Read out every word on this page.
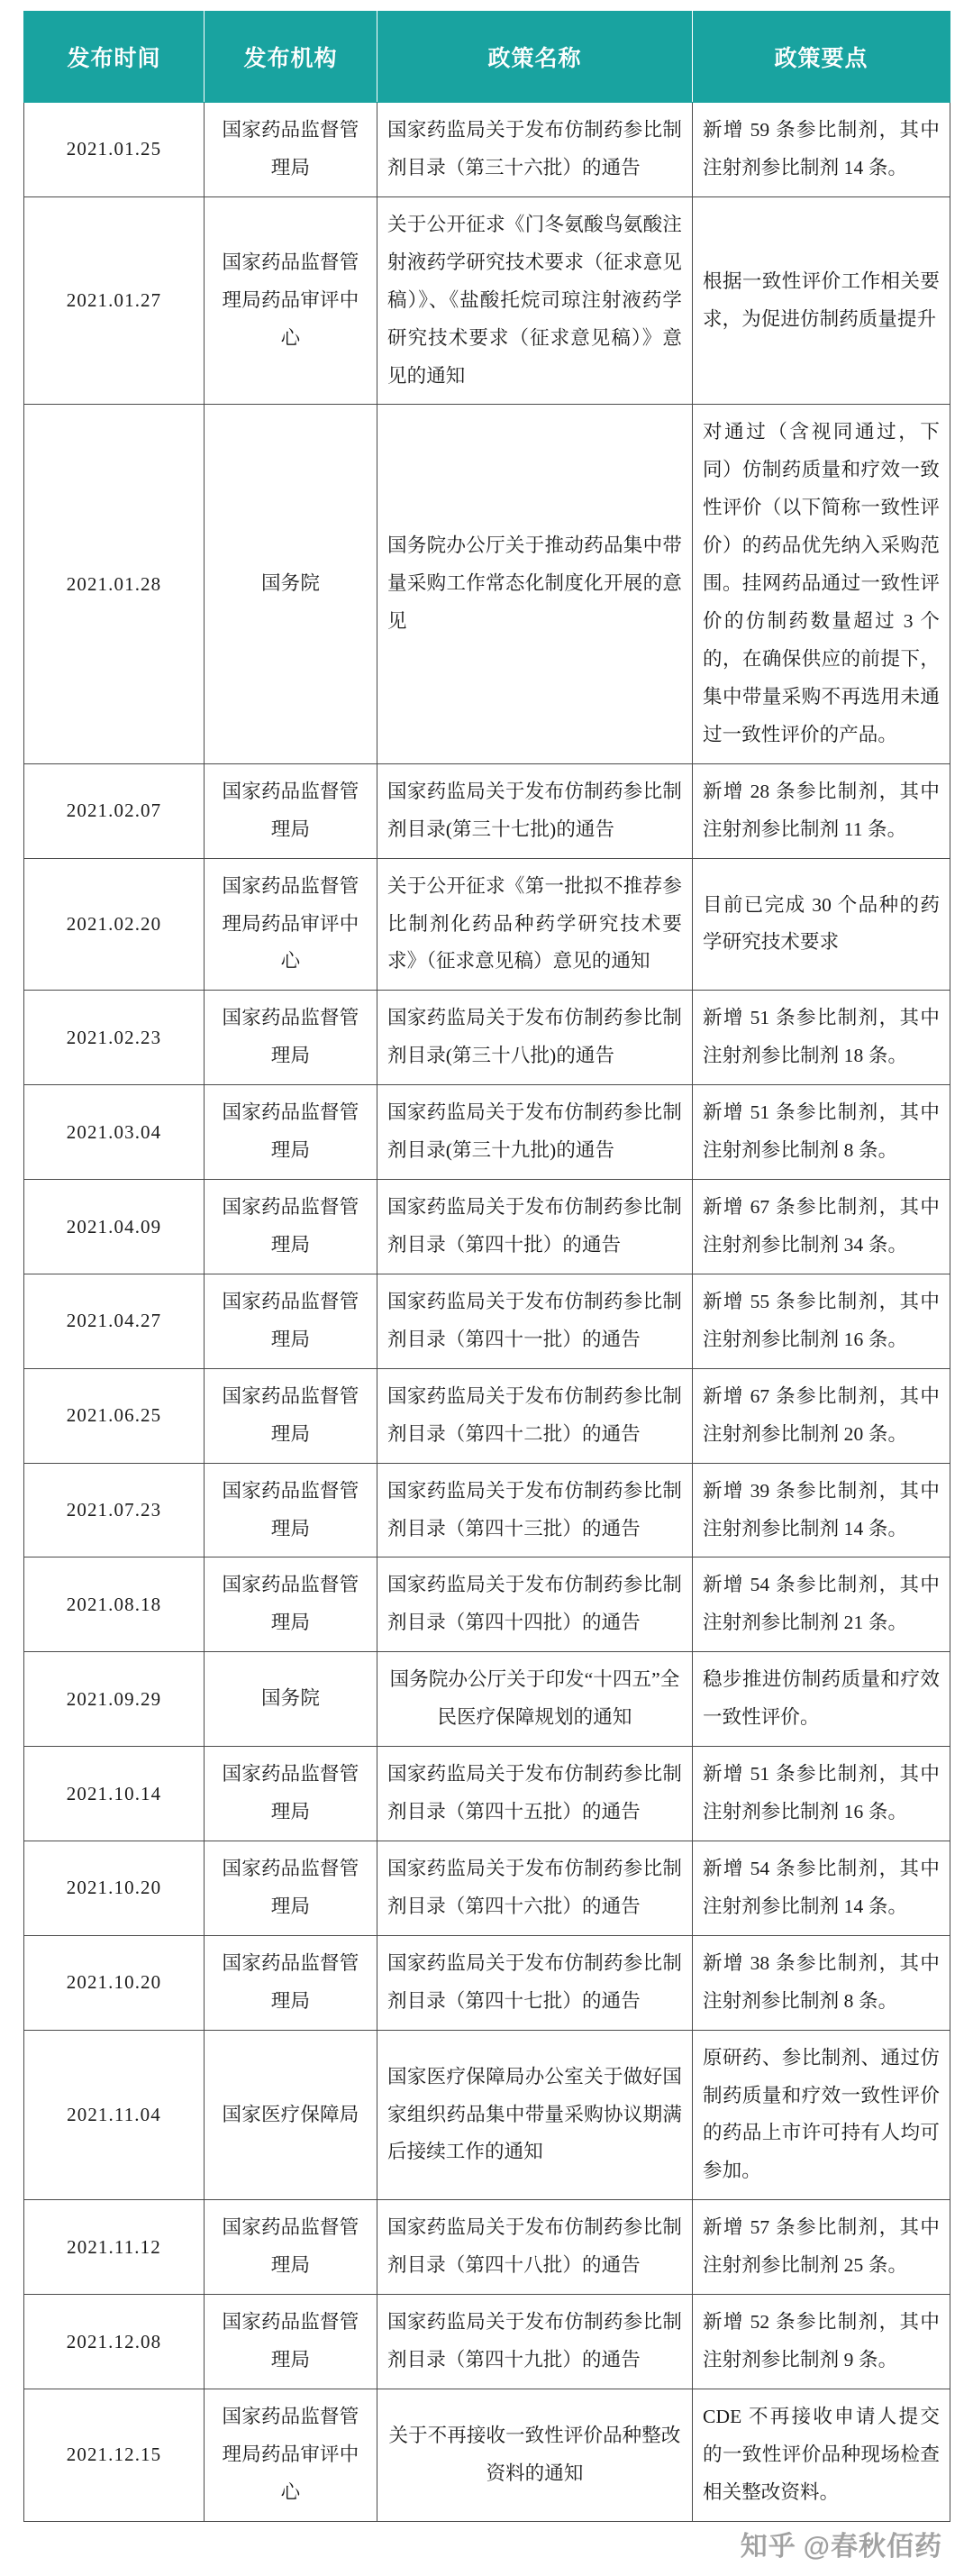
发布时间	发布机构	政策名称	政策要点
2021.01.25	国家药品监督管理局	国家药监局关于发布仿制药参比制剂目录（第三十六批）的通告	新增 59 条参比制剂，其中注射剂参比制剂 14 条。
2021.01.27	国家药品监督管理局药品审评中心	关于公开征求《门冬氨酸鸟氨酸注射液药学研究技术要求（征求意见稿）》、《盐酸托烷司琼注射液药学研究技术要求（征求意见稿）》意见的通知	根据一致性评价工作相关要求，为促进仿制药质量提升
2021.01.28	国务院	国务院办公厅关于推动药品集中带量采购工作常态化制度化开展的意见	对通过（含视同通过，下同）仿制药质量和疗效一致性评价（以下简称一致性评价）的药品优先纳入采购范围。挂网药品通过一致性评价的仿制药数量超过 3 个的，在确保供应的前提下，集中带量采购不再选用未通过一致性评价的产品。
2021.02.07	国家药品监督管理局	国家药监局关于发布仿制药参比制剂目录(第三十七批)的通告	新增 28 条参比制剂，其中注射剂参比制剂 11 条。
2021.02.20	国家药品监督管理局药品审评中心	关于公开征求《第一批拟不推荐参比制剂化药品种药学研究技术要求》（征求意见稿）意见的通知	目前已完成 30 个品种的药学研究技术要求
2021.02.23	国家药品监督管理局	国家药监局关于发布仿制药参比制剂目录(第三十八批)的通告	新增 51 条参比制剂，其中注射剂参比制剂 18 条。
2021.03.04	国家药品监督管理局	国家药监局关于发布仿制药参比制剂目录(第三十九批)的通告	新增 51 条参比制剂，其中注射剂参比制剂 8 条。
2021.04.09	国家药品监督管理局	国家药监局关于发布仿制药参比制剂目录（第四十批）的通告	新增 67 条参比制剂，其中注射剂参比制剂 34 条。
2021.04.27	国家药品监督管理局	国家药监局关于发布仿制药参比制剂目录（第四十一批）的通告	新增 55 条参比制剂，其中注射剂参比制剂 16 条。
2021.06.25	国家药品监督管理局	国家药监局关于发布仿制药参比制剂目录（第四十二批）的通告	新增 67 条参比制剂，其中注射剂参比制剂 20 条。
2021.07.23	国家药品监督管理局	国家药监局关于发布仿制药参比制剂目录（第四十三批）的通告	新增 39 条参比制剂，其中注射剂参比制剂 14 条。
2021.08.18	国家药品监督管理局	国家药监局关于发布仿制药参比制剂目录（第四十四批）的通告	新增 54 条参比制剂，其中注射剂参比制剂 21 条。
2021.09.29	国务院	国务院办公厅关于印发“十四五”全民医疗保障规划的通知	稳步推进仿制药质量和疗效一致性评价。
2021.10.14	国家药品监督管理局	国家药监局关于发布仿制药参比制剂目录（第四十五批）的通告	新增 51 条参比制剂，其中注射剂参比制剂 16 条。
2021.10.20	国家药品监督管理局	国家药监局关于发布仿制药参比制剂目录（第四十六批）的通告	新增 54 条参比制剂，其中注射剂参比制剂 14 条。
2021.10.20	国家药品监督管理局	国家药监局关于发布仿制药参比制剂目录（第四十七批）的通告	新增 38 条参比制剂，其中注射剂参比制剂 8 条。
2021.11.04	国家医疗保障局	国家医疗保障局办公室关于做好国家组织药品集中带量采购协议期满后接续工作的通知	原研药、参比制剂、通过仿制药质量和疗效一致性评价的药品上市许可持有人均可参加。
2021.11.12	国家药品监督管理局	国家药监局关于发布仿制药参比制剂目录（第四十八批）的通告	新增 57 条参比制剂，其中注射剂参比制剂 25 条。
2021.12.08	国家药品监督管理局	国家药监局关于发布仿制药参比制剂目录（第四十九批）的通告	新增 52 条参比制剂，其中注射剂参比制剂 9 条。
2021.12.15	国家药品监督管理局药品审评中心	关于不再接收一致性评价品种整改资料的通知	CDE 不再接收申请人提交的一致性评价品种现场检查相关整改资料。
知乎 @春秋佰药
